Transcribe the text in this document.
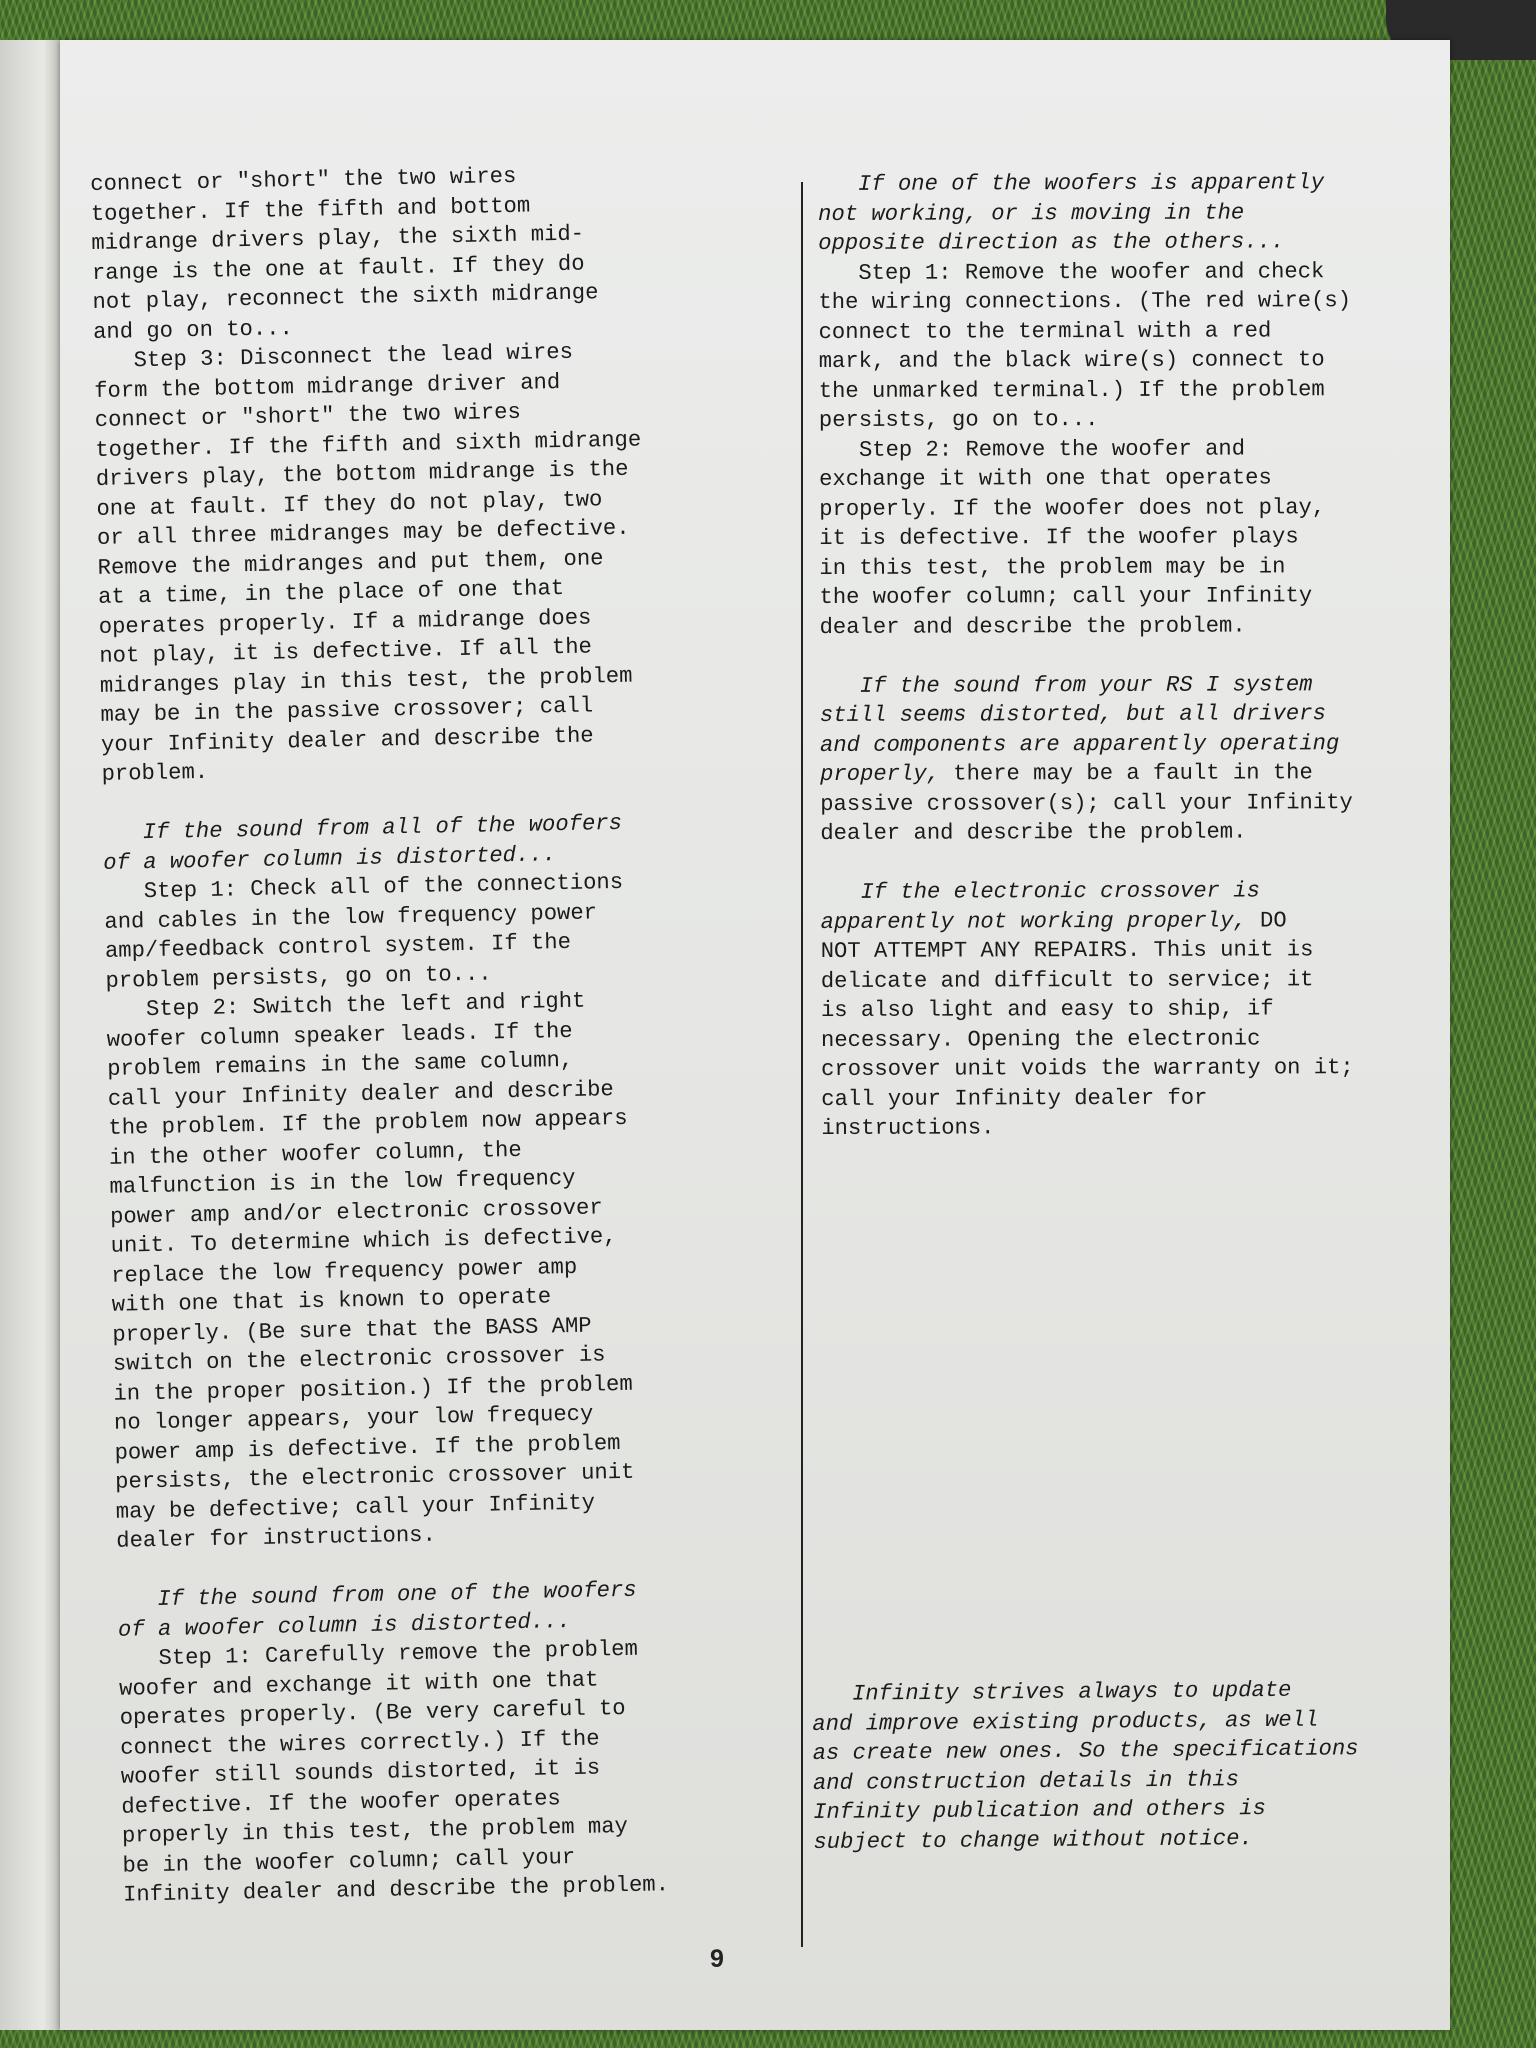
connect or "short" the two wires
together. If the fifth and bottom
midrange drivers play, the sixth mid-
range is the one at fault. If they do
not play, reconnect the sixth midrange
and go on to...
Step 3: Disconnect the lead wires
form the bottom midrange driver and
connect or "short" the two wires
together. If the fifth and sixth midrange
drivers play, the bottom midrange is the
one at fault. If they do not play, two
or all three midranges may be defective.
Remove the midranges and put them, one
at a time, in the place of one that
operates properly. If a midrange does
not play, it is defective. If all the
midranges play in this test, the problem
may be in the passive crossover; call
your Infinity dealer and describe the
problem.

If the sound from all of the woofers
of a woofer column is distorted...

Step 1: Check all of the connections
and cables in the low frequency power
amp/feedback control system. If the
problem persists, go on to...
Step 2: Switch the left and right
woofer column speaker leads. If the
problem remains in the same column,
call your Infinity dealer and describe
the problem. If the problem now appears
in the other woofer column, the
malfunction is in the low frequency
power amp and/or electronic crossover
unit. To determine which is defective,
replace the low frequency power amp
with one that is known to operate
properly. (Be sure that the BASS AMP
switch on the electronic crossover is
in the proper position.) If the problem
no longer appears, your low frequecy
power amp is defective. If the problem
persists, the electronic crossover unit
may be defective; call your Infinity
dealer for instructions.

If the sound from one of the woofers
of a woofer column is distorted...

Step 1: Carefully remove the problem
woofer and exchange it with one that
operates properly. (Be very careful to
connect the wires correctly.) If the
woofer still sounds distorted, it is
defective. If the woofer operates
properly in this test, the problem may
be in the woofer column; call your
Infinity dealer and describe the problem.

If one of the woofers is apparently
not working, or is moving in the
opposite direction as the others...

Step 1: Remove the woofer and check
the wiring connections. (The red wire(s)
connect to the terminal with a red
mark, and the black wire(s) connect to
the unmarked terminal.) If the problem
persists, go on to...
Step 2: Remove the woofer and
exchange it with one that operates
properly. If the woofer does not play,
it is defective. If the woofer plays
in this test, the problem may be in
the woofer column; call your Infinity
dealer and describe the problem.

If the sound from your RS I system
still seems distorted, but all drivers
and components are apparently operating
properly, there may be a fault in the
passive crossover(s); call your Infinity
dealer and describe the problem.

If the electronic crossover is
apparently not working properly, DO
NOT ATTEMPT ANY REPAIRS. This unit is
delicate and difficult to service; it
is also light and easy to ship, if
necessary. Opening the electronic
crossover unit voids the warranty on it;
call your Infinity dealer for
instructions.

Infinity strives always to update
and improve existing products, as well
as create new ones. So the specifications
and construction details in this
Infinity publication and others is
subject to change without notice.

9
